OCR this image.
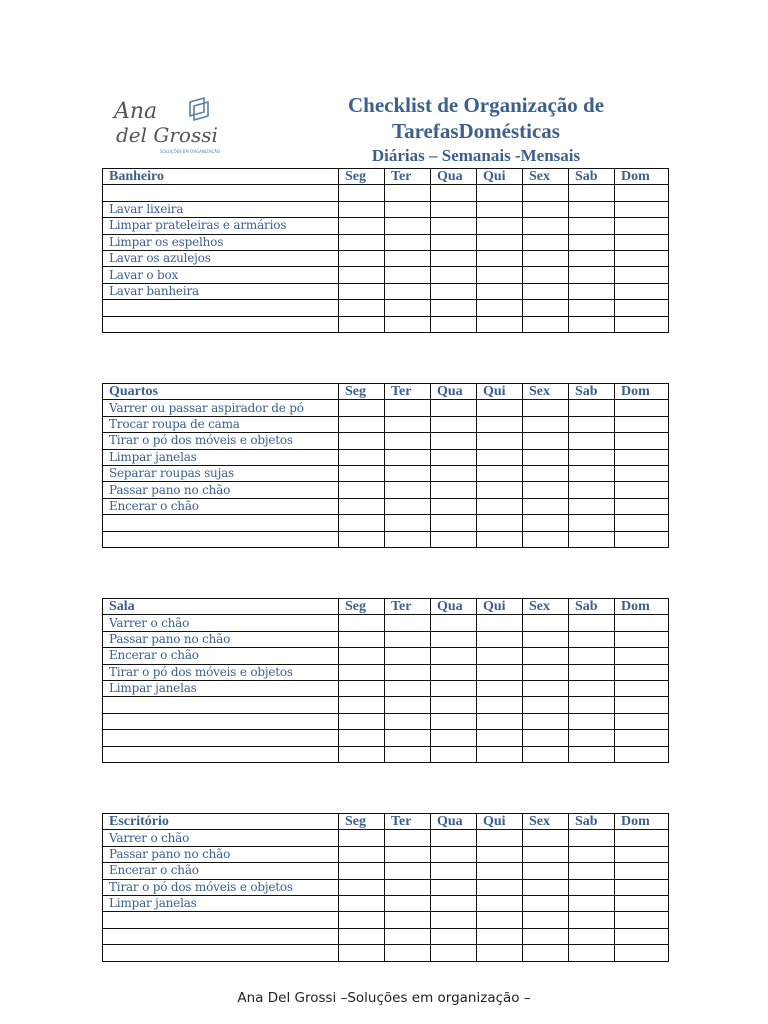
Ana
del Grossi
SOLUÇÕES EM ORGANIZAÇÃO
Checklist de Organização de
TarefasDomésticas
Diárias – Semanais -Mensais
Banheiro	Seg	Ter	Qua	Qui	Sex	Sab	Dom

Lavar lixeira							
Limpar prateleiras e armários							
Limpar os espelhos							
Lavar os azulejos							
Lavar o box							
Lavar banheira							

Quartos	Seg	Ter	Qua	Qui	Sex	Sab	Dom
Varrer ou passar aspirador de pó							
Trocar roupa de cama							
Tirar o pó dos móveis e objetos							
Limpar janelas							
Separar roupas sujas							
Passar pano no chão							
Encerar o chão							

Sala	Seg	Ter	Qua	Qui	Sex	Sab	Dom
Varrer o chão							
Passar pano no chão							
Encerar o chão							
Tirar o pó dos móveis e objetos							
Limpar janelas							

Escritório	Seg	Ter	Qua	Qui	Sex	Sab	Dom
Varrer o chão							
Passar pano no chão							
Encerar o chão							
Tirar o pó dos móveis e objetos							
Limpar janelas							

Ana Del Grossi –Soluções em organização –
